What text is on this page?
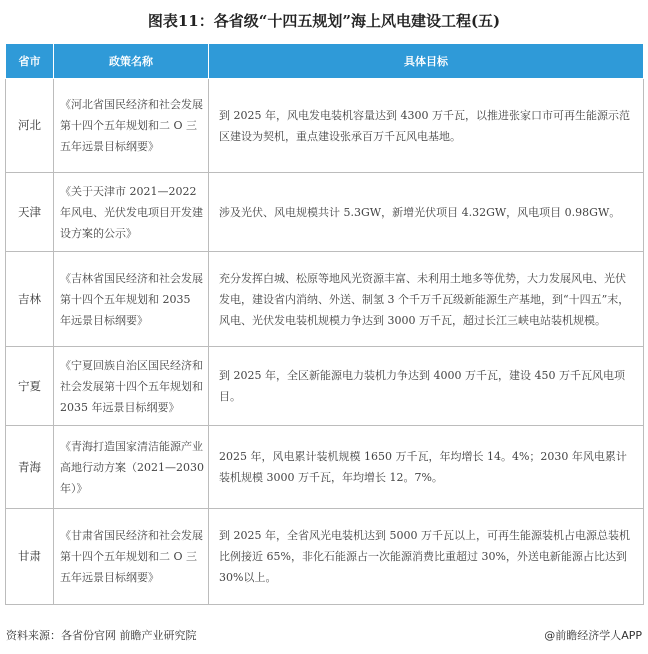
图表11：各省级“十四五规划”海上风电建设工程(五)
省市	政策名称	具体目标
河北	《河北省国民经济和社会发展第十四个五年规划和二 O 三五年远景目标纲要》	到 2025 年，风电发电装机容量达到 4300 万千瓦，以推进张家口市可再生能源示范区建设为契机，重点建设张承百万千瓦风电基地。
天津	《关于天津市 2021—2022 年风电、光伏发电项目开发建设方案的公示》	涉及光伏、风电规模共计 5.3GW，新增光伏项目 4.32GW，风电项目 0.98GW。
吉林	《吉林省国民经济和社会发展第十四个五年规划和 2035 年远景目标纲要》	充分发挥白城、松原等地风光资源丰富、未利用土地多等优势，大力发展风电、光伏发电，建设省内消纳、外送、制氢 3 个千万千瓦级新能源生产基地，到“十四五”末，风电、光伏发电装机规模力争达到 3000 万千瓦，超过长江三峡电站装机规模。
宁夏	《宁夏回族自治区国民经济和社会发展第十四个五年规划和 2035 年远景目标纲要》	到 2025 年，全区新能源电力装机力争达到 4000 万千瓦，建设 450 万千瓦风电项目。
青海	《青海打造国家清洁能源产业高地行动方案（2021—2030 年）》	2025 年，风电累计装机规模 1650 万千瓦，年均增长 14。4%；2030 年风电累计装机规模 3000 万千瓦，年均增长 12。7%。
甘肃	《甘肃省国民经济和社会发展第十四个五年规划和二 O 三五年远景目标纲要》	到 2025 年，全省风光电装机达到 5000 万千瓦以上，可再生能源装机占电源总装机比例接近 65%，非化石能源占一次能源消费比重超过 30%，外送电新能源占比达到 30%以上。
资料来源：各省份官网 前瞻产业研究院	@前瞻经济学人APP
